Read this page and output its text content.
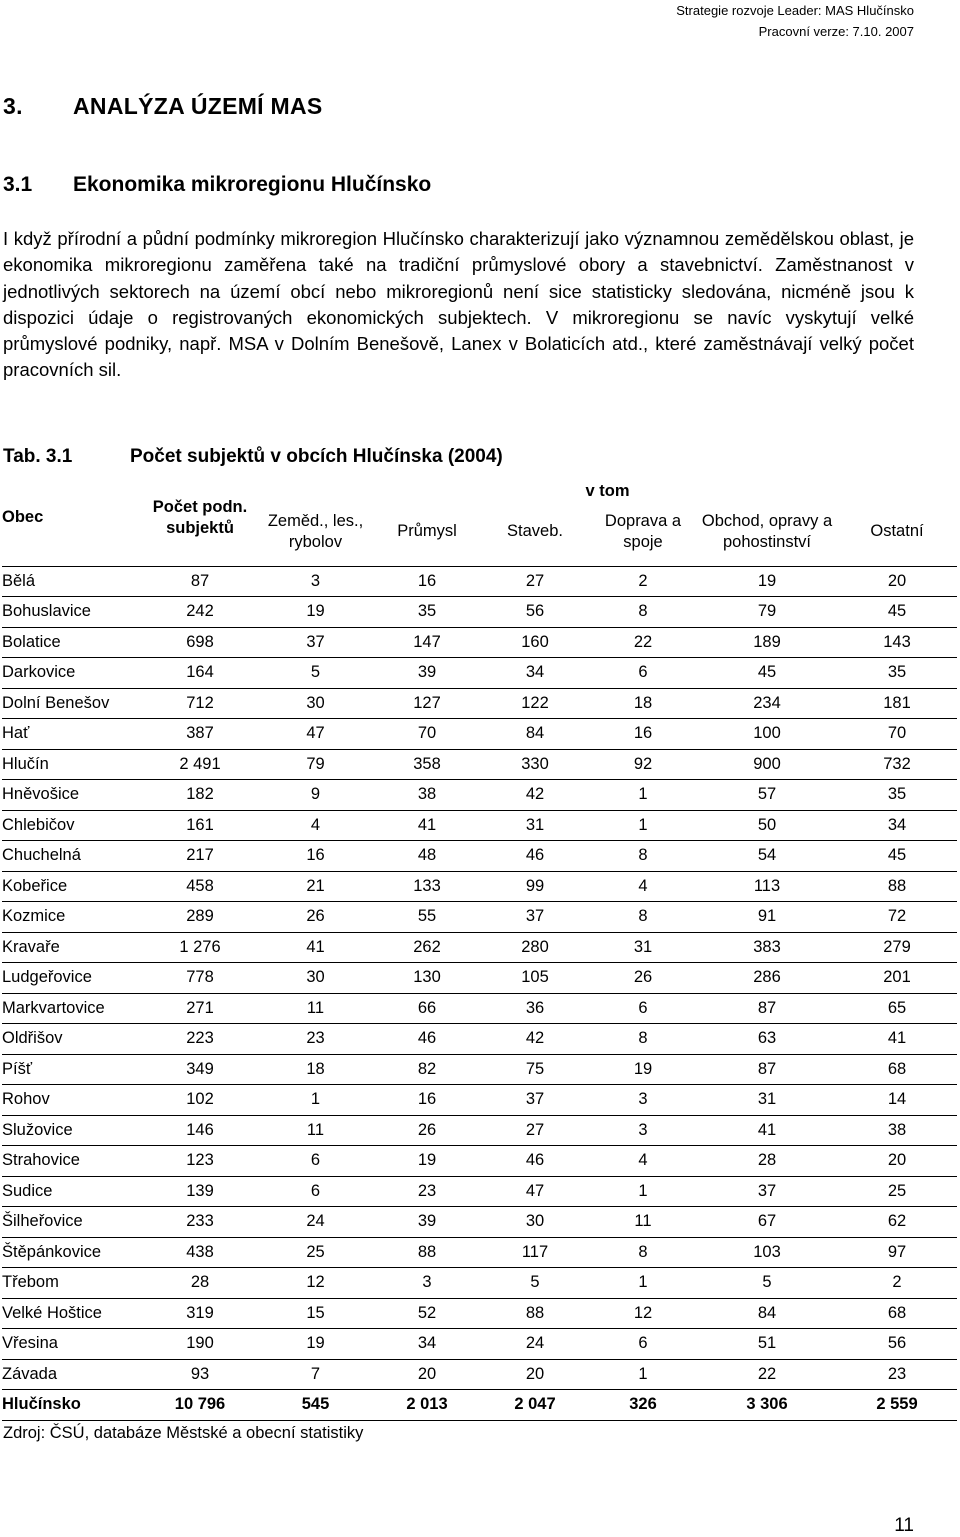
Strategie rozvoje Leader: MAS Hlučínsko
Pracovní verze: 7.10. 2007
3. ANALÝZA ÚZEMÍ MAS
3.1 Ekonomika mikroregionu Hlučínsko

I když přírodní a půdní podmínky mikroregion Hlučínsko charakterizují jako významnou zemědělskou oblast, je ekonomika mikroregionu zaměřena také na tradiční průmyslové obory a stavebnictví. Zaměstnanost v jednotlivých sektorech na území obcí nebo mikroregionů není sice statisticky sledována, nicméně jsou k dispozici údaje o registrovaných ekonomických subjektech. V mikroregionu se navíc vyskytují velké průmyslové podniky, např. MSA v Dolním Benešově, Lanex v Bolaticích atd., které zaměstnávají velký počet pracovních sil.

Tab. 3.1	Počet subjektů v obcích Hlučínska (2004)
Obec	Počet podn. subjektů	v tom					
		Zeměd., les., rybolov	Průmysl	Staveb.	Doprava a spoje	Obchod, opravy a pohostinství	Ostatní

Bělá	87	3	16	27	2	19	20
Bohuslavice	242	19	35	56	8	79	45
Bolatice	698	37	147	160	22	189	143
Darkovice	164	5	39	34	6	45	35
Dolní Benešov	712	30	127	122	18	234	181
Hať	387	47	70	84	16	100	70
Hlučín	2 491	79	358	330	92	900	732
Hněvošice	182	9	38	42	1	57	35
Chlebičov	161	4	41	31	1	50	34
Chuchelná	217	16	48	46	8	54	45
Kobeřice	458	21	133	99	4	113	88
Kozmice	289	26	55	37	8	91	72
Kravaře	1 276	41	262	280	31	383	279
Ludgeřovice	778	30	130	105	26	286	201
Markvartovice	271	11	66	36	6	87	65
Oldřišov	223	23	46	42	8	63	41
Píšť	349	18	82	75	19	87	68
Rohov	102	1	16	37	3	31	14
Služovice	146	11	26	27	3	41	38
Strahovice	123	6	19	46	4	28	20
Sudice	139	6	23	47	1	37	25
Šilheřovice	233	24	39	30	11	67	62
Štěpánkovice	438	25	88	117	8	103	97
Třebom	28	12	3	5	1	5	2
Velké Hoštice	319	15	52	88	12	84	68
Vřesina	190	19	34	24	6	51	56
Závada	93	7	20	20	1	22	23
Hlučínsko	10 796	545	2 013	2 047	326	3 306	2 559
Zdroj: ČSÚ, databáze Městské a obecní statistiky
11
